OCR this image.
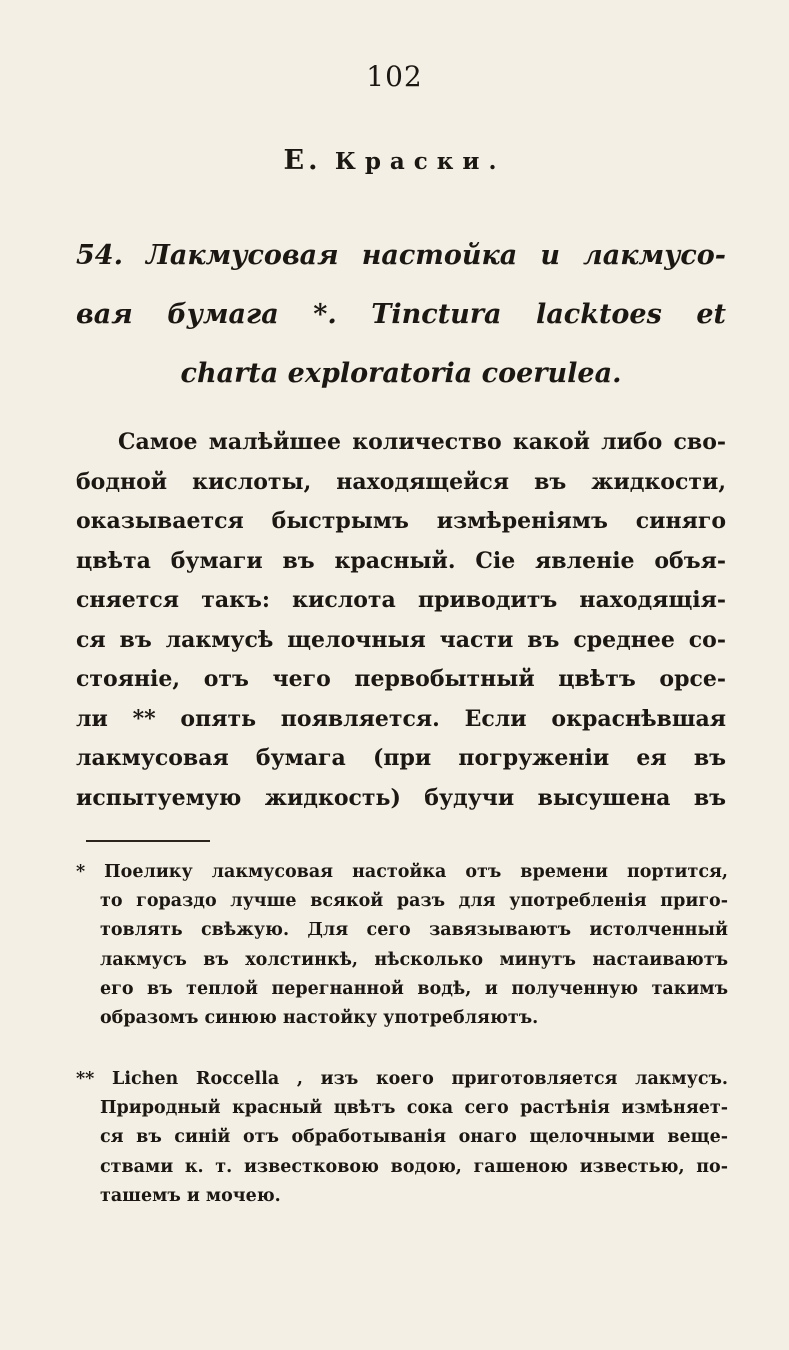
102
E. Краски.
54. Лакмусовая настойка и лакмусо-
вая бумага *. Tinctura lacktoes et
charta exploratoria coerulea.
Самое малѣйшее количество какой либо сво-
бодной кислоты, находящейся въ жидкости,
оказывается быстрымъ измѣреніямъ синяго
цвѣта бумаги въ красный. Сіе явленіе объя-
сняется такъ: кислота приводитъ находящія-
ся въ лакмусѣ щелочныя части въ среднее со-
стояніе, отъ чего первобытный цвѣтъ орсе-
ли ** опять появляется. Если окраснѣвшая
лакмусовая бумага (при погруженіи ея въ
испытуемую жидкость) будучи высушена въ
* Поелику лакмусовая настойка отъ времени портится,
то гораздо лучше всякой разъ для употребленія приго-
товлять свѣжую. Для сего завязываютъ истолченный
лакмусъ въ холстинкѣ, нѣсколько минутъ настаиваютъ
его въ теплой перегнанной водѣ, и полученную такимъ
образомъ синюю настойку употребляютъ.
** Lichen Roccella , изъ коего приготовляется лакмусъ.
Природный красный цвѣтъ сока сего растѣнія измѣняет-
ся въ синій отъ обработыванія онаго щелочными веще-
ствами к. т. известковою водою, гашеною известью, по-
ташемъ и мочею.
